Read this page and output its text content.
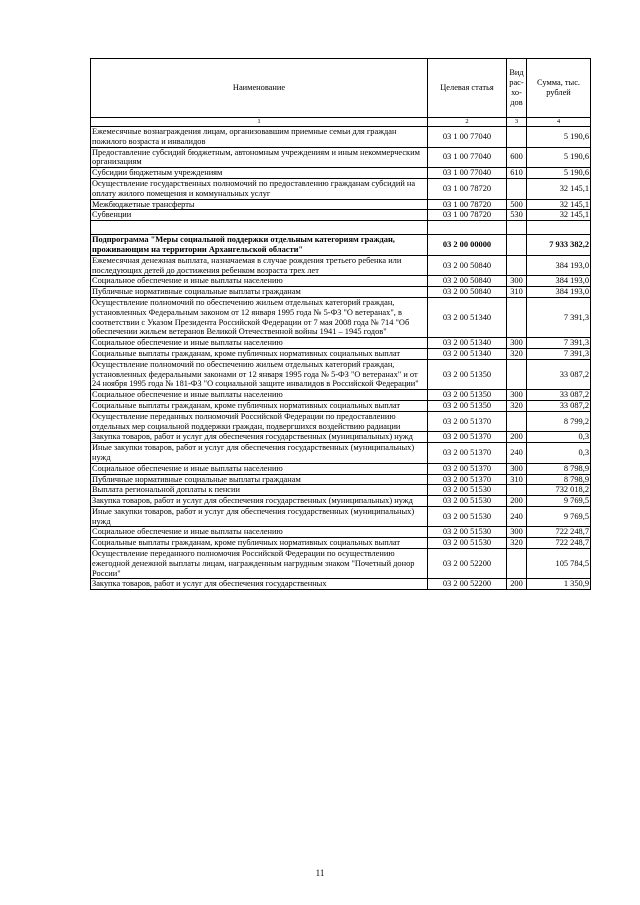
Наименование	Целевая статья	Вид рас-хо-дов	Сумма, тыс. рублей
1	2	3	4
Ежемесячные вознаграждения лицам, организовавшим приемные семьи для граждан пожилого возраста и инвалидов	03 1 00 77040		5 190,6
Предоставление субсидий бюджетным, автономным учреждениям и иным некоммерческим организациям	03 1 00 77040	600	5 190,6
Субсидии бюджетным учреждениям	03 1 00 77040	610	5 190,6
Осуществление государственных полномочий по предоставлению гражданам субсидий на оплату жилого помещения и коммунальных услуг	03 1 00 78720		32 145,1
Межбюджетные трансферты	03 1 00 78720	500	32 145,1
Субвенции	03 1 00 78720	530	32 145,1

Подпрограмма "Меры социальной поддержки отдельным категориям граждан, проживающим на территории Архангельской области"	03 2 00 00000		7 933 382,2
Ежемесячная денежная выплата, назначаемая в случае рождения третьего ребенка или последующих детей до достижения ребенком возраста трех лет	03 2 00 50840		384 193,0
Социальное обеспечение и иные выплаты населению	03 2 00 50840	300	384 193,0
Публичные нормативные социальные выплаты гражданам	03 2 00 50840	310	384 193,0
Осуществление полномочий по обеспечению жильем отдельных категорий граждан, установленных Федеральным законом от 12 января 1995 года № 5-ФЗ "О ветеранах", в соответствии с Указом Президента Российской Федерации от 7 мая 2008 года № 714 "Об обеспечении жильем ветеранов Великой Отечественной войны 1941 – 1945 годов"	03 2 00 51340		7 391,3
Социальное обеспечение и иные выплаты населению	03 2 00 51340	300	7 391,3
Социальные выплаты гражданам, кроме публичных нормативных социальных выплат	03 2 00 51340	320	7 391,3
Осуществление полномочий по обеспечению жильем отдельных категорий граждан, установленных федеральными законами от 12 января 1995 года № 5-ФЗ "О ветеранах" и от 24 ноября 1995 года № 181-ФЗ "О социальной защите инвалидов в Российской Федерации"	03 2 00 51350		33 087,2
Социальное обеспечение и иные выплаты населению	03 2 00 51350	300	33 087,2
Социальные выплаты гражданам, кроме публичных нормативных социальных выплат	03 2 00 51350	320	33 087,2
Осуществление переданных полномочий Российской Федерации по предоставлению отдельных мер социальной поддержки граждан, подвергшихся воздействию радиации	03 2 00 51370		8 799,2
Закупка товаров, работ и услуг для обеспечения государственных (муниципальных) нужд	03 2 00 51370	200	0,3
Иные закупки товаров, работ и услуг для обеспечения государственных (муниципальных) нужд	03 2 00 51370	240	0,3
Социальное обеспечение и иные выплаты населению	03 2 00 51370	300	8 798,9
Публичные нормативные социальные выплаты гражданам	03 2 00 51370	310	8 798,9
Выплата региональной доплаты к пенсии	03 2 00 51530		732 018,2
Закупка товаров, работ и услуг для обеспечения государственных (муниципальных) нужд	03 2 00 51530	200	9 769,5
Иные закупки товаров, работ и услуг для обеспечения государственных (муниципальных) нужд	03 2 00 51530	240	9 769,5
Социальное обеспечение и иные выплаты населению	03 2 00 51530	300	722 248,7
Социальные выплаты гражданам, кроме публичных нормативных социальных выплат	03 2 00 51530	320	722 248,7
Осуществление переданного полномочия Российской Федерации по осуществлению ежегодной денежной выплаты лицам, награжденным нагрудным знаком "Почетный донор России"	03 2 00 52200		105 784,5
Закупка товаров, работ и услуг для обеспечения государственных	03 2 00 52200	200	1 350,9
11
